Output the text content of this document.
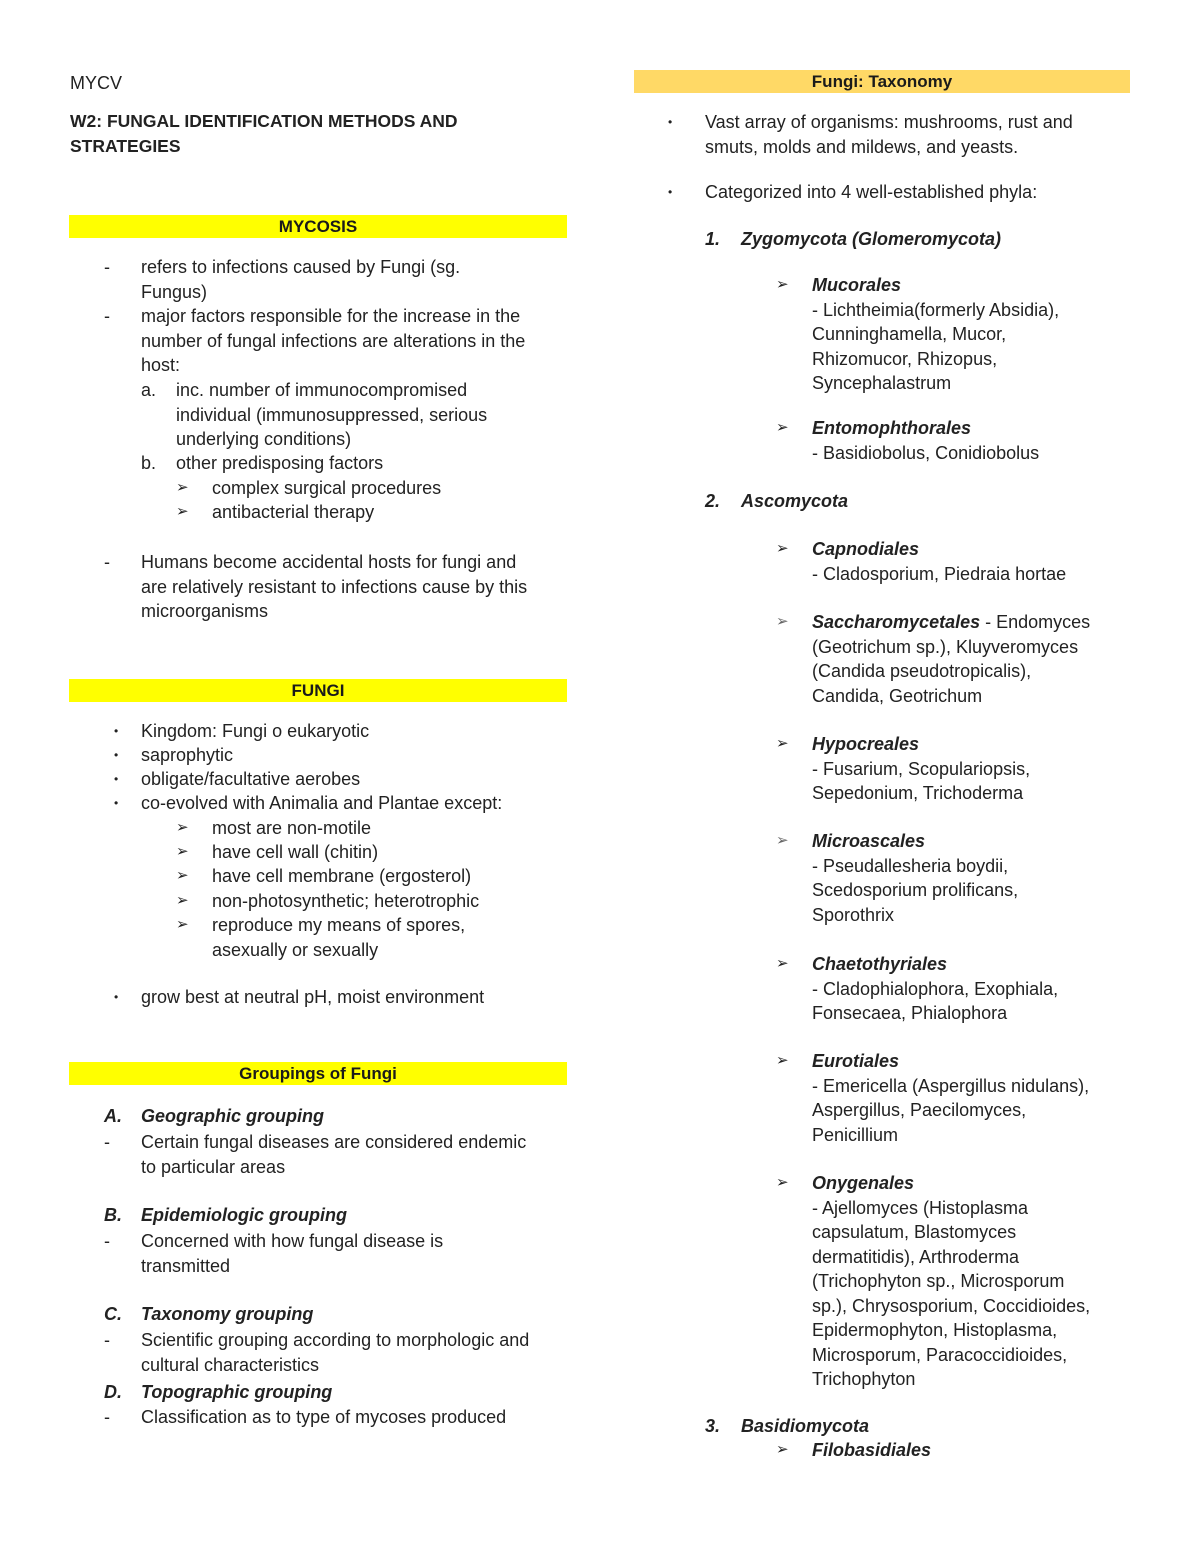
MYCV
W2: FUNGAL IDENTIFICATION METHODS AND
STRATEGIES
MYCOSIS
-	refers to infections caused by Fungi (sg.
Fungus)
-	major factors responsible for the increase in the
number of fungal infections are alterations in the
host:
a.	inc. number of immunocompromised
individual (immunosuppressed, serious
underlying conditions)
b.	other predisposing factors
➢	complex surgical procedures
➢	antibacterial therapy
-	Humans become accidental hosts for fungi and
are relatively resistant to infections cause by this
microorganisms
FUNGI
•	Kingdom: Fungi o eukaryotic
•	saprophytic
•	obligate/facultative aerobes
•	co-evolved with Animalia and Plantae except:
➢	most are non-motile
➢	have cell wall (chitin)
➢	have cell membrane (ergosterol)
➢	non-photosynthetic; heterotrophic
➢	reproduce my means of spores,
asexually or sexually
•	grow best at neutral pH, moist environment
Groupings of Fungi
A.	Geographic grouping
-	Certain fungal diseases are considered endemic
to particular areas
B.	Epidemiologic grouping
-	Concerned with how fungal disease is
transmitted
C.	Taxonomy grouping
-	Scientific grouping according to morphologic and
cultural characteristics
D.	Topographic grouping
-	Classification as to type of mycoses produced
Fungi: Taxonomy
•	Vast array of organisms: mushrooms, rust and
smuts, molds and mildews, and yeasts.
•	Categorized into 4 well-established phyla:
1.	Zygomycota (Glomeromycota)
➢	Mucorales
- Lichtheimia(formerly Absidia),
Cunninghamella, Mucor,
Rhizomucor, Rhizopus,
Syncephalastrum
➢	Entomophthorales
- Basidiobolus, Conidiobolus
2.	Ascomycota
➢	Capnodiales
- Cladosporium, Piedraia hortae
➢	Saccharomycetales - Endomyces
(Geotrichum sp.), Kluyveromyces
(Candida pseudotropicalis),
Candida, Geotrichum
➢	Hypocreales
- Fusarium, Scopulariopsis,
Sepedonium, Trichoderma
➢	Microascales
- Pseudallesheria boydii,
Scedosporium prolificans,
Sporothrix
➢	Chaetothyriales
- Cladophialophora, Exophiala,
Fonsecaea, Phialophora
➢	Eurotiales
- Emericella (Aspergillus nidulans),
Aspergillus, Paecilomyces,
Penicillium
➢	Onygenales
- Ajellomyces (Histoplasma
capsulatum, Blastomyces
dermatitidis), Arthroderma
(Trichophyton sp., Microsporum
sp.), Chrysosporium, Coccidioides,
Epidermophyton, Histoplasma,
Microsporum, Paracoccidioides,
Trichophyton
3.	Basidiomycota
➢	Filobasidiales
